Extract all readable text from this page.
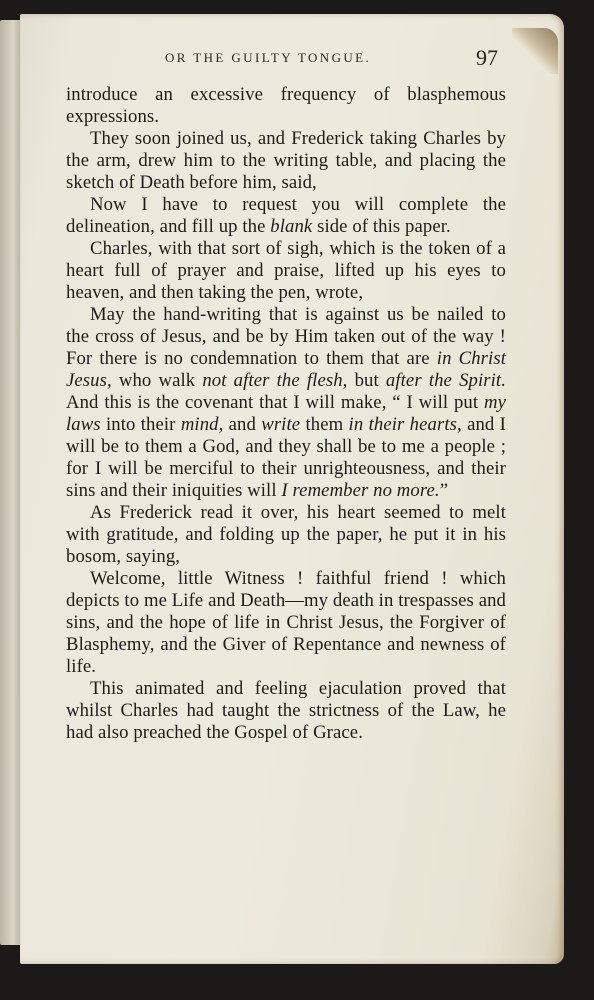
OR THE GUILTY TONGUE.	97

introduce an excessive frequency of blasphemous expressions.

They soon joined us, and Frederick taking Charles by the arm, drew him to the writing table, and placing the sketch of Death before him, said,

Now I have to request you will complete the delineation, and fill up the blank side of this paper.

Charles, with that sort of sigh, which is the token of a heart full of prayer and praise, lifted up his eyes to heaven, and then taking the pen, wrote,

May the hand-writing that is against us be nailed to the cross of Jesus, and be by Him taken out of the way ! For there is no condemnation to them that are in Christ Jesus, who walk not after the flesh, but after the Spirit. And this is the covenant that I will make, “ I will put my laws into their mind, and write them in their hearts, and I will be to them a God, and they shall be to me a people ; for I will be merciful to their unrighteousness, and their sins and their iniquities will I remember no more.”

As Frederick read it over, his heart seemed to melt with gratitude, and folding up the paper, he put it in his bosom, saying,

Welcome, little Witness ! faithful friend ! which depicts to me Life and Death—my death in trespasses and sins, and the hope of life in Christ Jesus, the Forgiver of Blasphemy, and the Giver of Repentance and newness of life.

This animated and feeling ejaculation proved that whilst Charles had taught the strictness of the Law, he had also preached the Gospel of Grace.
